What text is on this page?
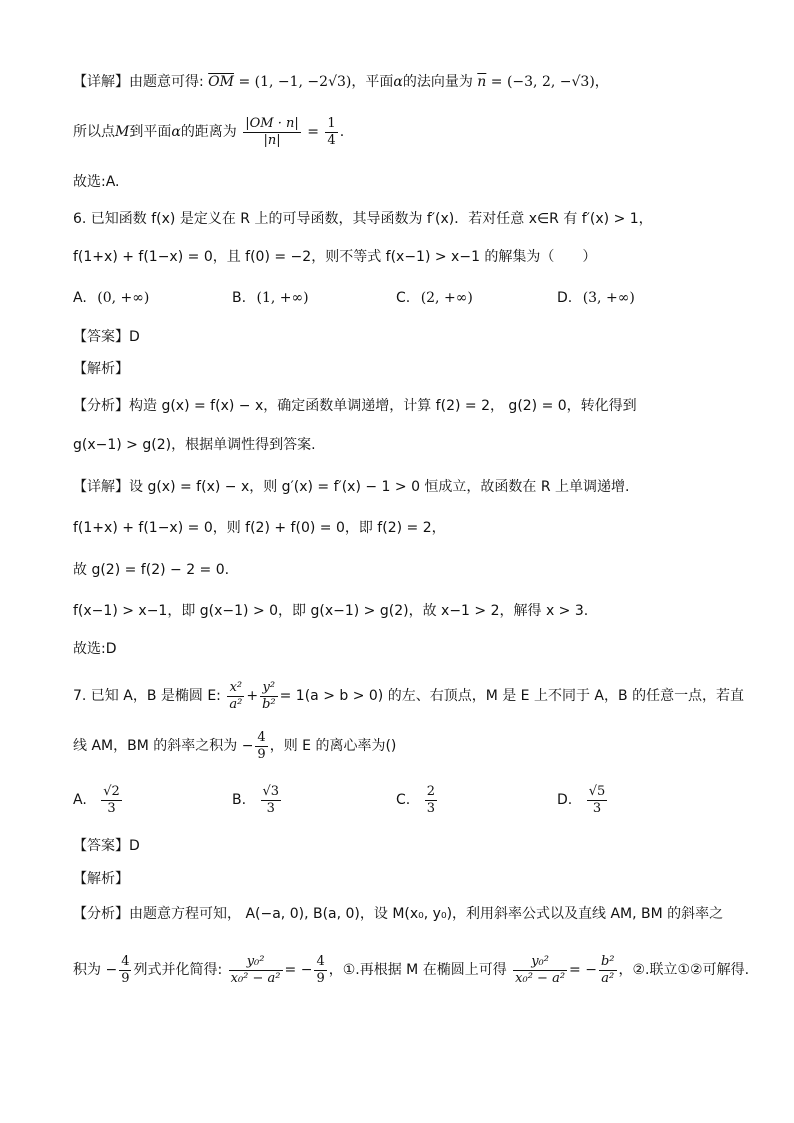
【详解】由题意可得: $\overline{OM} = (1$, −1, −2√3)，平面α的法向量为 $\overline{n} = (-3$, 2, −√3)，
所以点M到平面α的距离为 $\frac{|OM \cdot n|}{|n|} = \frac{1}{4}$ .
故选:A.
6. 已知函数 f(x) 是定义在 R 上的可导函数，其导函数为 f′(x)．若对任意 x∈R 有 f′(x) > 1，
f(1+x) + f(1−x) = 0，且 f(0) = −2，则不等式 f(x−1) > x−1 的解集为（　　）
A. (0, +∞)	B. (1, +∞)	C. (2, +∞)	D. (3, +∞)
【答案】D
【解析】
【分析】构造 g(x) = f(x) − x，确定函数单调递增，计算 f(2) = 2， g(2) = 0，转化得到
g(x−1) > g(2)，根据单调性得到答案.
【详解】设 g(x) = f(x) − x，则 g′(x) = f′(x) − 1 > 0 恒成立，故函数在 R 上单调递增.
f(1+x) + f(1−x) = 0，则 f(2) + f(0) = 0，即 f(2) = 2，
故 g(2) = f(2) − 2 = 0.
f(x−1) > x−1，即 g(x−1) > 0，即 g(x−1) > g(2)，故 x−1 > 2，解得 x > 3.
故选:D
7. 已知 A，B 是椭圆 E: $\frac{\text{x²}}{\text{a²}} + \frac{\text{y²}}{\text{b²}} = 1(a > b > 0)$ 的左、右顶点，M 是 E 上不同于 A，B 的任意一点，若直
线 AM，BM 的斜率之积为 − $\frac{4}{9}$ ，则 E 的离心率为()
A. $\frac{√2}{3}$	B. $\frac{√3}{3}$	C. $\frac{2}{3}$	D. $\frac{√5}{3}$
【答案】D
【解析】
【分析】由题意方程可知， A(−a, 0), B(a, 0)，设 M(x₀, y₀)，利用斜率公式以及直线 AM, BM 的斜率之
积为 − $\frac{4}{9}$ 列式并化简得: $\frac{\text{y₀²}}{\text{x₀² − a²}}$ = − $\frac{4}{9}$ ，①.再根据 M 在椭圆上可得 $\frac{\text{y₀²}}{\text{x₀² − a²}}$ = − $\frac{\text{b²}}{\text{a²}}$ ，②.联立①②可解得.
